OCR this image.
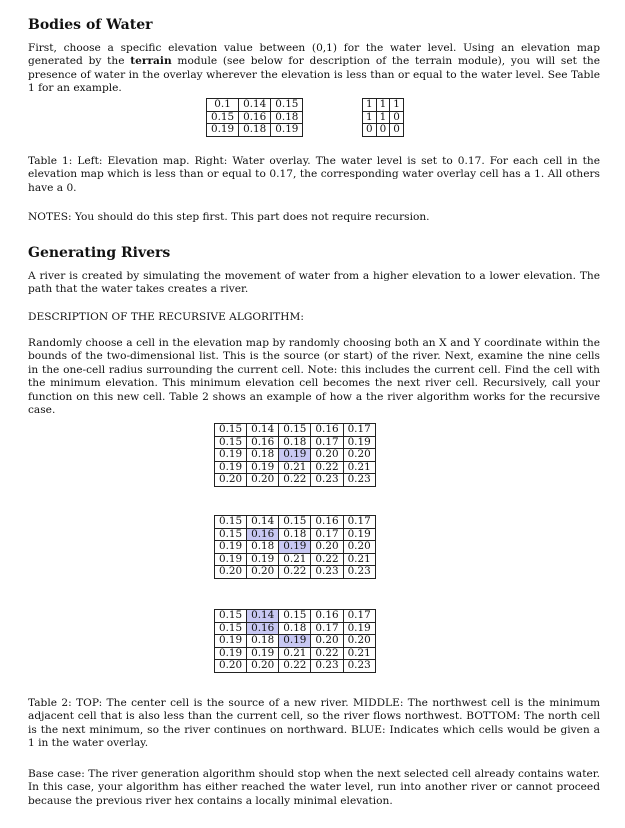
Bodies of Water

First, choose a specific elevation value between (0,1) for the water level. Using an elevation map generated by the terrain module (see below for description of the terrain module), you will set the presence of water in the overlay wherever the elevation is less than or equal to the water level. See Table 1 for an example.

0.1	0.14	0.15
0.15	0.16	0.18
0.19	0.18	0.19
1	1	1
1	1	0
0	0	0

Table 1: Left: Elevation map. Right: Water overlay. The water level is set to 0.17. For each cell in the elevation map which is less than or equal to 0.17, the corresponding water overlay cell has a 1. All others have a 0.

NOTES: You should do this step first. This part does not require recursion.

Generating Rivers

A river is created by simulating the movement of water from a higher elevation to a lower elevation. The path that the water takes creates a river.

DESCRIPTION OF THE RECURSIVE ALGORITHM:

Randomly choose a cell in the elevation map by randomly choosing both an X and Y coordinate within the bounds of the two-dimensional list. This is the source (or start) of the river. Next, examine the nine cells in the one-cell radius surrounding the current cell. Note: this includes the current cell. Find the cell with the minimum elevation. This minimum elevation cell becomes the next river cell. Recursively, call your function on this new cell. Table 2 shows an example of how a the river algorithm works for the recursive case.

0.15	0.14	0.15	0.16	0.17
0.15	0.16	0.18	0.17	0.19
0.19	0.18	0.19	0.20	0.20
0.19	0.19	0.21	0.22	0.21
0.20	0.20	0.22	0.23	0.23
0.15	0.14	0.15	0.16	0.17
0.15	0.16	0.18	0.17	0.19
0.19	0.18	0.19	0.20	0.20
0.19	0.19	0.21	0.22	0.21
0.20	0.20	0.22	0.23	0.23
0.15	0.14	0.15	0.16	0.17
0.15	0.16	0.18	0.17	0.19
0.19	0.18	0.19	0.20	0.20
0.19	0.19	0.21	0.22	0.21
0.20	0.20	0.22	0.23	0.23

Table 2: TOP: The center cell is the source of a new river. MIDDLE: The northwest cell is the minimum adjacent cell that is also less than the current cell, so the river flows northwest. BOTTOM: The north cell is the next minimum, so the river continues on northward. BLUE: Indicates which cells would be given a 1 in the water overlay.

Base case: The river generation algorithm should stop when the next selected cell already contains water. In this case, your algorithm has either reached the water level, run into another river or cannot proceed because the previous river hex contains a locally minimal elevation.
